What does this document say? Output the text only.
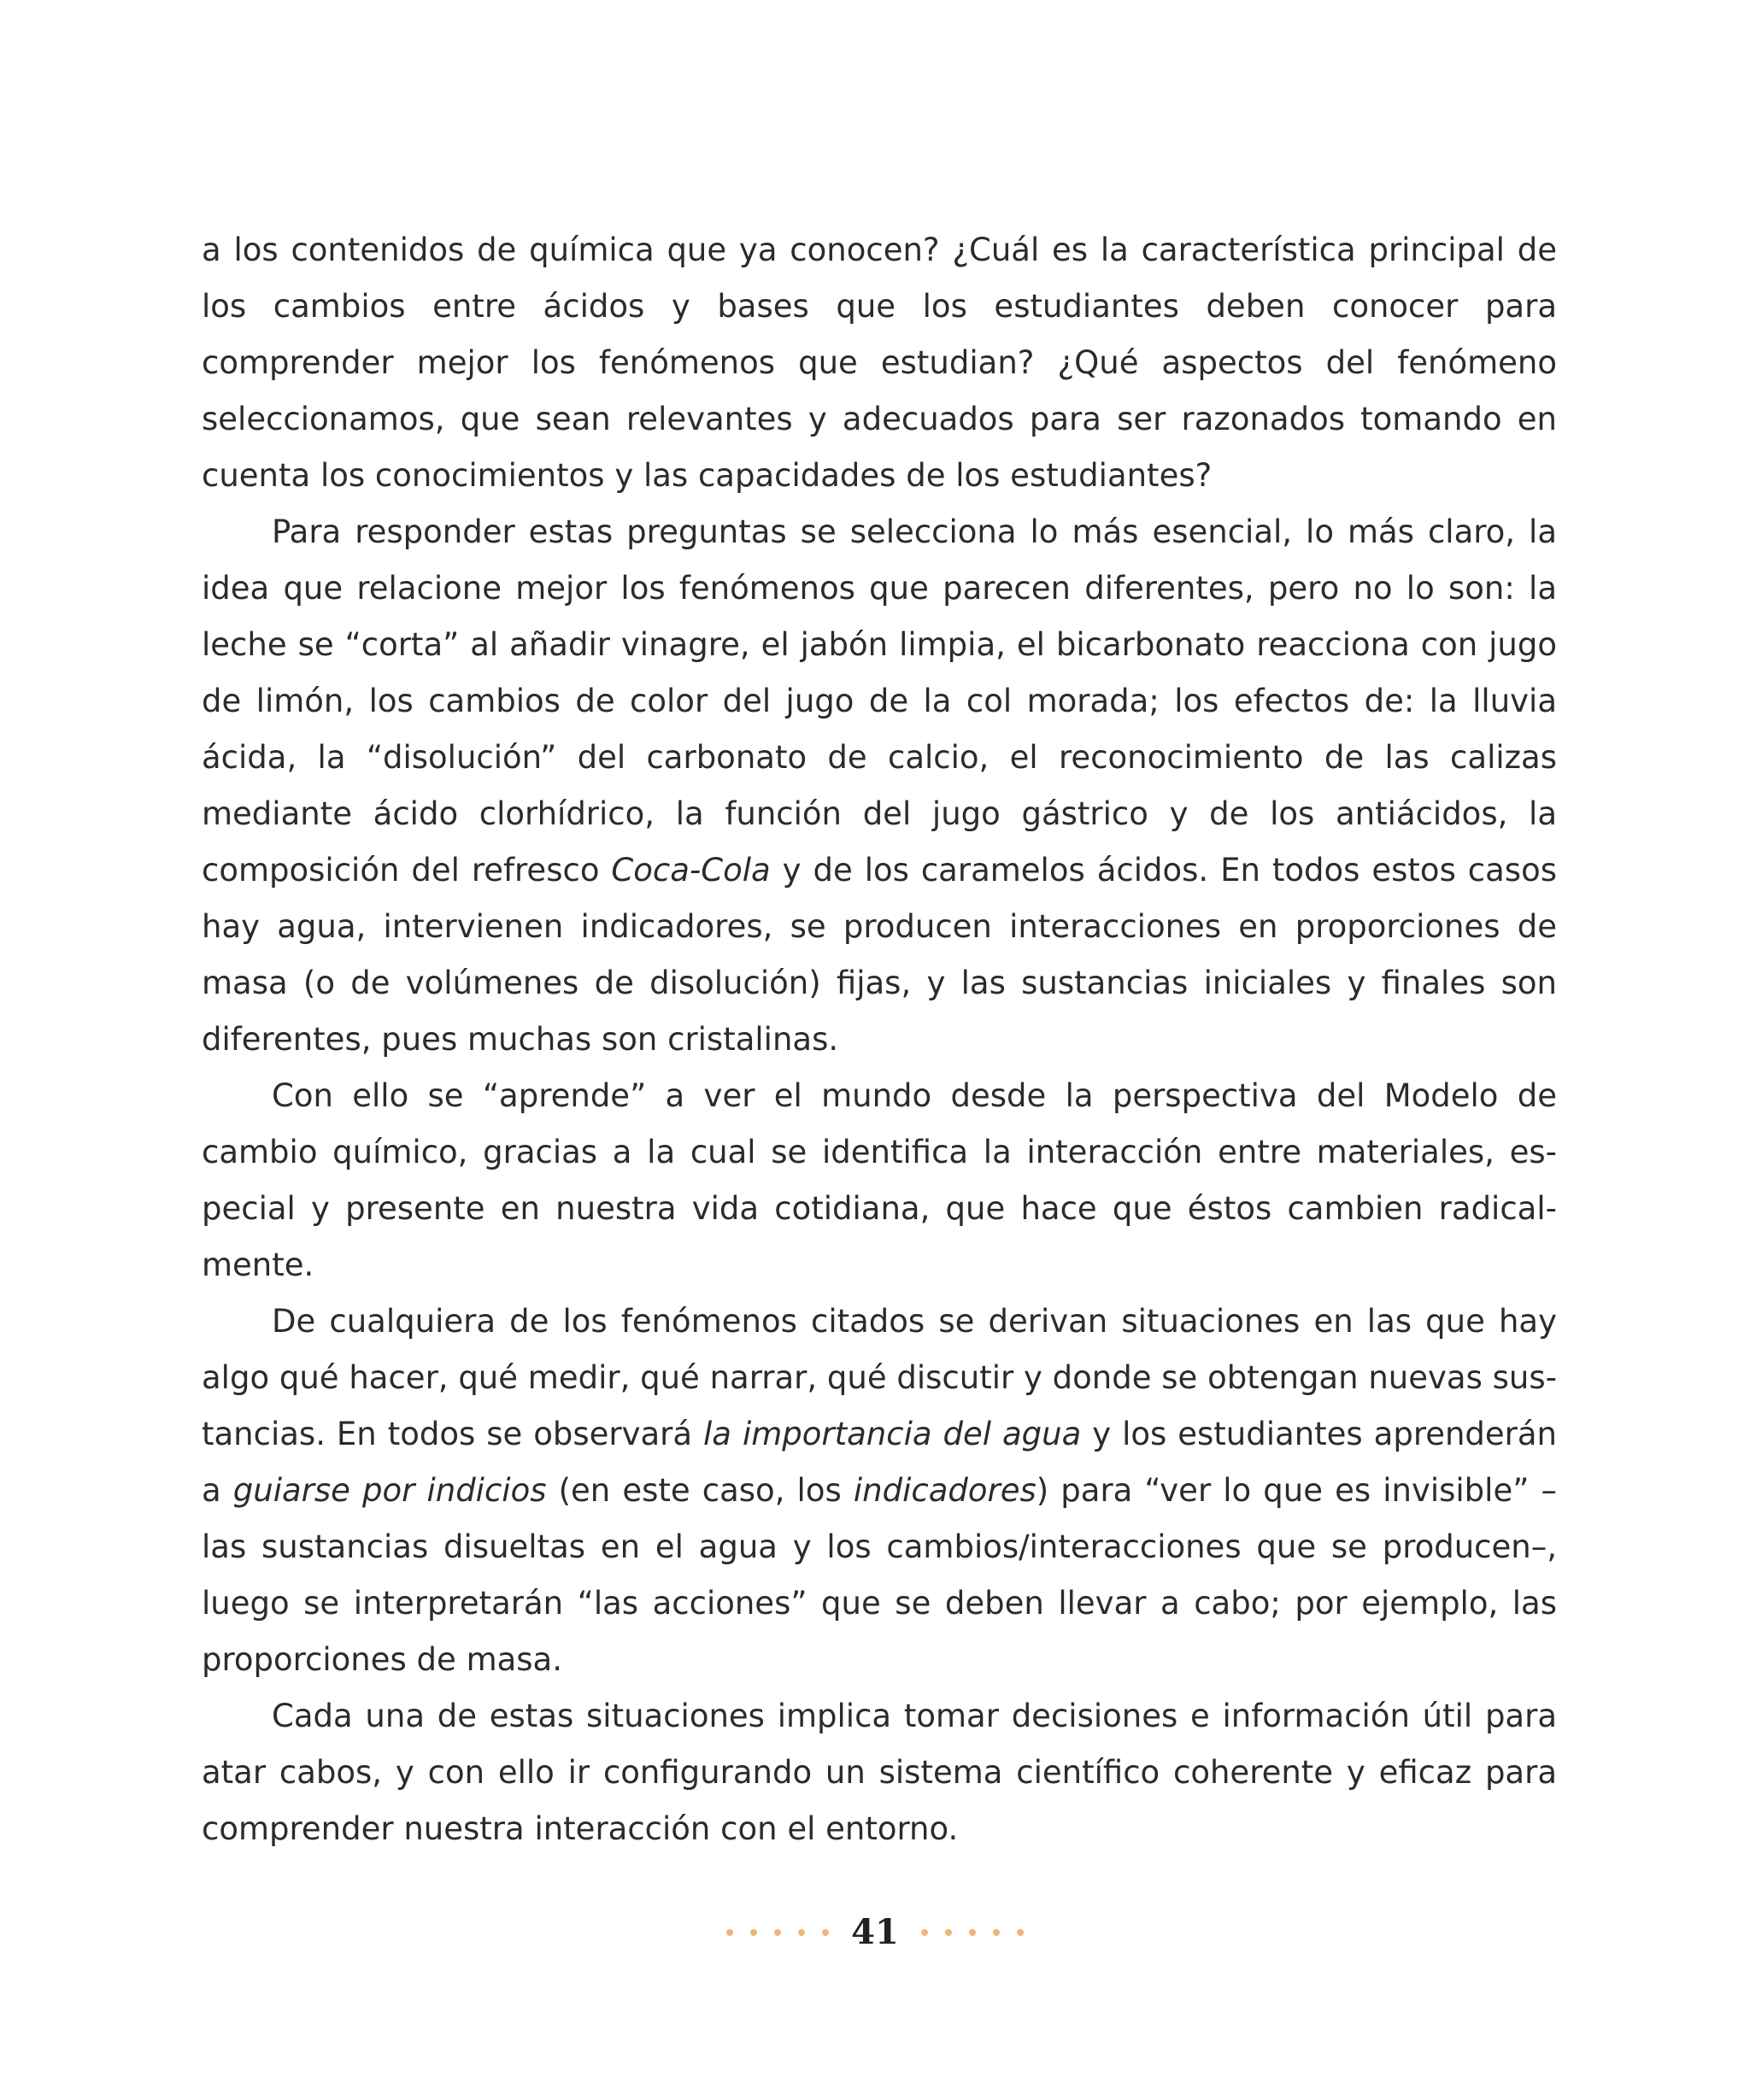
a los contenidos de química que ya conocen? ¿Cuál es la característica principal de los cambios entre ácidos y bases que los estudiantes deben conocer para comprender mejor los fenómenos que estudian? ¿Qué aspectos del fenómeno seleccionamos, que sean relevantes y adecuados para ser razonados tomando en cuenta los conocimientos y las capacidades de los estudiantes?

Para responder estas preguntas se selecciona lo más esencial, lo más claro, la idea que relacione mejor los fenómenos que parecen diferentes, pero no lo son: la leche se “corta” al añadir vinagre, el jabón limpia, el bicarbonato reacciona con jugo de limón, los cambios de color del jugo de la col morada; los efectos de: la lluvia ácida, la “disolución” del carbonato de calcio, el reconocimiento de las calizas mediante ácido clorhídrico, la función del jugo gástrico y de los antiácidos, la composición del refresco Coca-Cola y de los caramelos ácidos. En todos estos casos hay agua, intervienen indicadores, se producen interacciones en proporciones de masa (o de volúmenes de disolución) fijas, y las sustancias iniciales y finales son diferentes, pues muchas son cristalinas.

Con ello se “aprende” a ver el mundo desde la perspectiva del Modelo de cambio químico, gracias a la cual se identifica la interacción entre materiales, especial y presente en nuestra vida cotidiana, que hace que éstos cambien radicalmente.

De cualquiera de los fenómenos citados se derivan situaciones en las que hay algo qué hacer, qué medir, qué narrar, qué discutir y donde se obtengan nuevas sustancias. En todos se observará la importancia del agua y los estudiantes aprenderán a guiarse por indicios (en este caso, los indicadores) para “ver lo que es invisible” –las sustancias disueltas en el agua y los cambios/interacciones que se producen–, luego se interpretarán “las acciones” que se deben llevar a cabo; por ejemplo, las proporciones de masa.

Cada una de estas situaciones implica tomar decisiones e información útil para atar cabos, y con ello ir configurando un sistema científico coherente y eficaz para comprender nuestra interacción con el entorno.

41
